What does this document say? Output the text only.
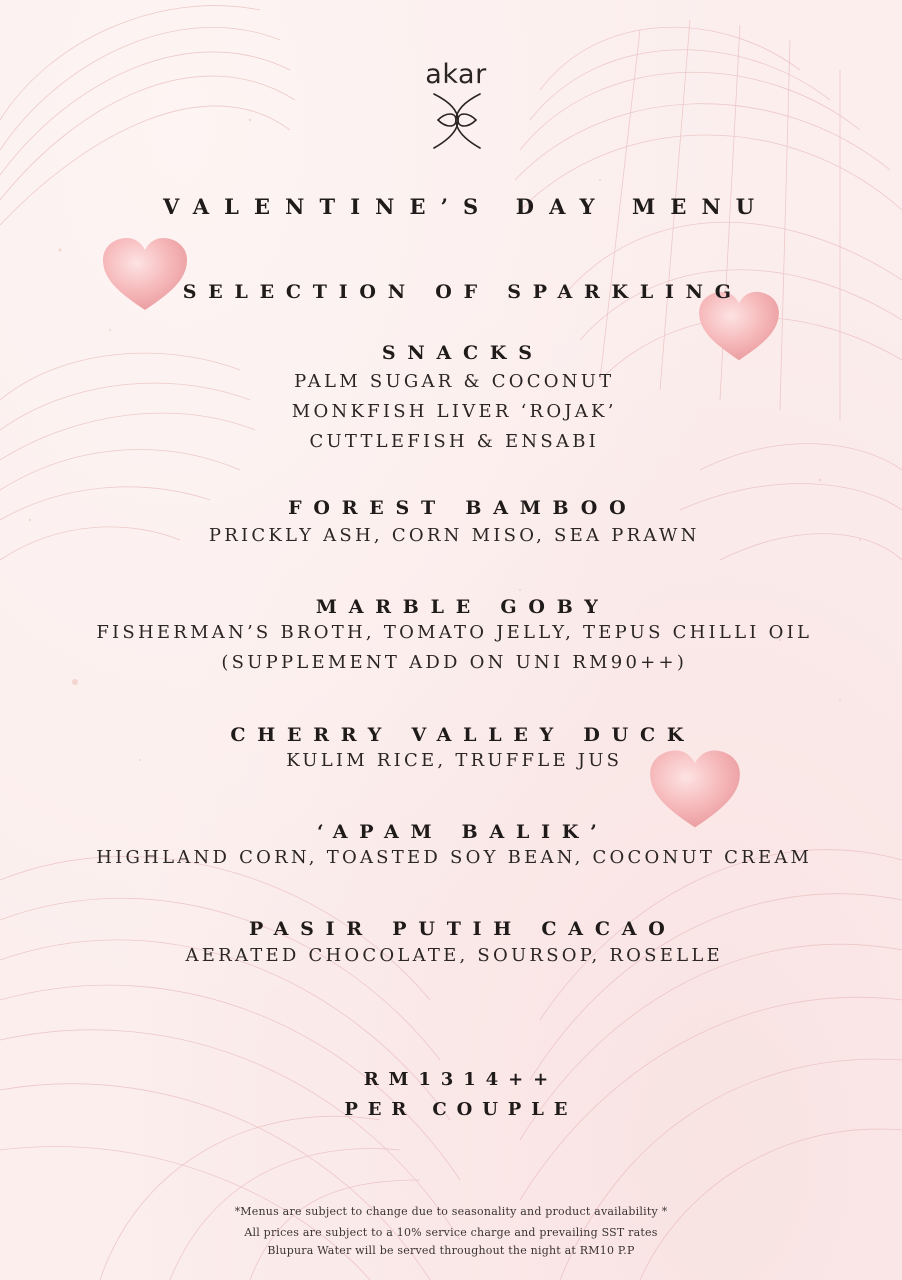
akar
VALENTINE’S DAY MENU
SELECTION OF SPARKLING
SNACKS
PALM SUGAR & COCONUT
MONKFISH LIVER ‘ROJAK’
CUTTLEFISH & ENSABI
FOREST BAMBOO
PRICKLY ASH, CORN MISO, SEA PRAWN
MARBLE GOBY
FISHERMAN’S BROTH, TOMATO JELLY, TEPUS CHILLI OIL
(SUPPLEMENT ADD ON UNI RM90++)
CHERRY VALLEY DUCK
KULIM RICE, TRUFFLE JUS
‘APAM BALIK’
HIGHLAND CORN, TOASTED SOY BEAN, COCONUT CREAM
PASIR PUTIH CACAO
AERATED CHOCOLATE, SOURSOP, ROSELLE
RM1314++
PER COUPLE
*Menus are subject to change due to seasonality and product availability *
All prices are subject to a 10% service charge and prevailing SST rates
Blupura Water will be served throughout the night at RM10 P.P
